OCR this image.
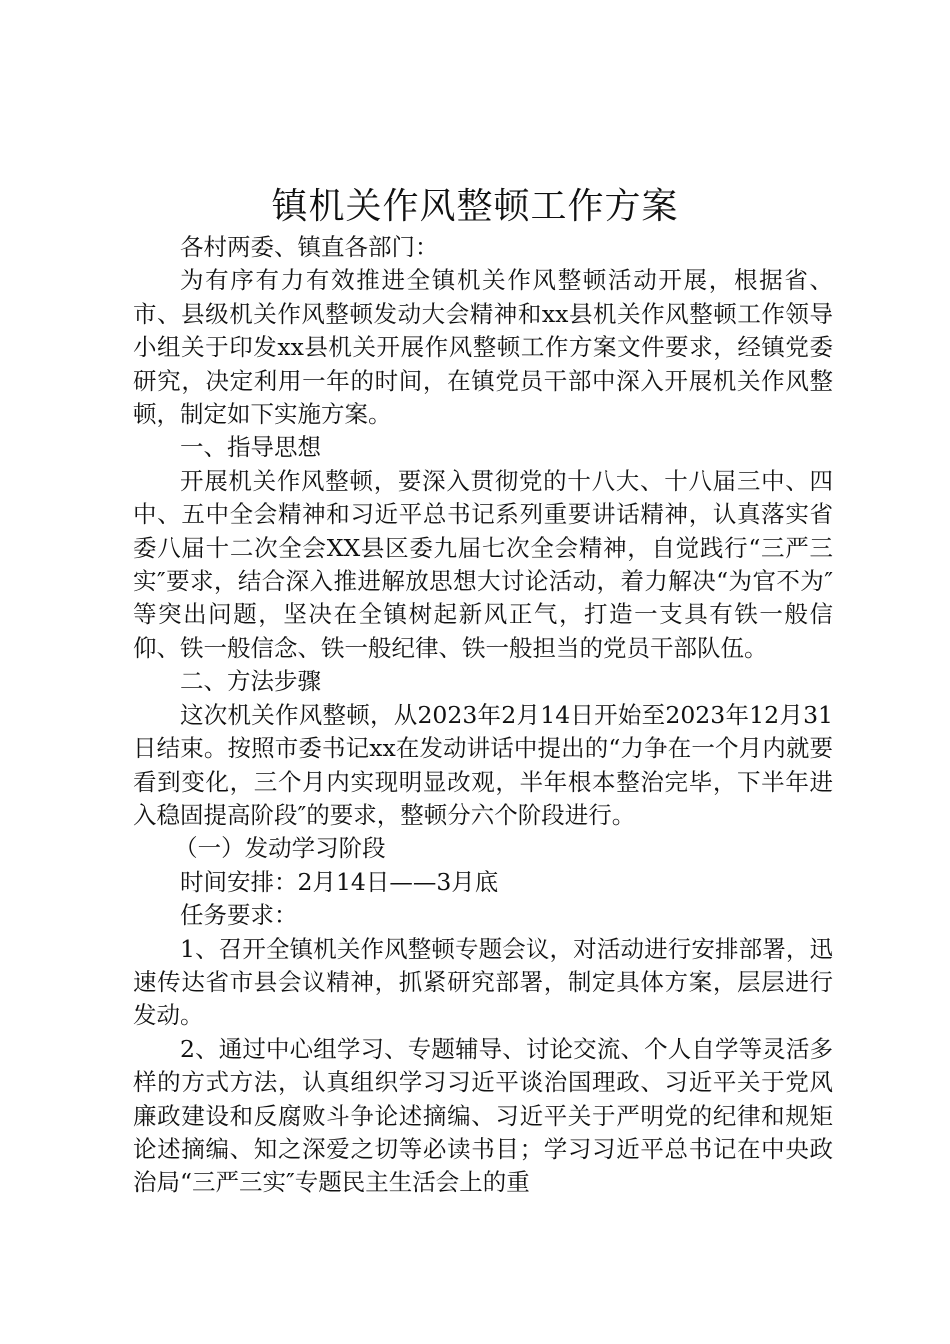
镇机关作风整顿工作方案

各村两委、镇直各部门：

为有序有力有效推进全镇机关作风整顿活动开展，根据省、市、县级机关作风整顿发动大会精神和xx县机关作风整顿工作领导小组关于印发xx县机关开展作风整顿工作方案文件要求，经镇党委研究，决定利用一年的时间，在镇党员干部中深入开展机关作风整顿，制定如下实施方案。

一、指导思想

开展机关作风整顿，要深入贯彻党的十八大、十八届三中、四中、五中全会精神和习近平总书记系列重要讲话精神，认真落实省委八届十二次全会XX县区委九届七次全会精神，自觉践行“三严三实″要求，结合深入推进解放思想大讨论活动，着力解决“为官不为″等突出问题，坚决在全镇树起新风正气，打造一支具有铁一般信仰、铁一般信念、铁一般纪律、铁一般担当的党员干部队伍。

二、方法步骤

这次机关作风整顿，从2023年2月14日开始至2023年12月31日结束。按照市委书记xx在发动讲话中提出的“力争在一个月内就要看到变化，三个月内实现明显改观，半年根本整治完毕，下半年进入稳固提高阶段″的要求，整顿分六个阶段进行。

（一）发动学习阶段

时间安排：2月14日——3月底

任务要求：

1、召开全镇机关作风整顿专题会议，对活动进行安排部署，迅速传达省市县会议精神，抓紧研究部署，制定具体方案，层层进行发动。

2、通过中心组学习、专题辅导、讨论交流、个人自学等灵活多样的方式方法，认真组织学习习近平谈治国理政、习近平关于党风廉政建设和反腐败斗争论述摘编、习近平关于严明党的纪律和规矩论述摘编、知之深爱之切等必读书目；学习习近平总书记在中央政治局“三严三实″专题民主生活会上的重
